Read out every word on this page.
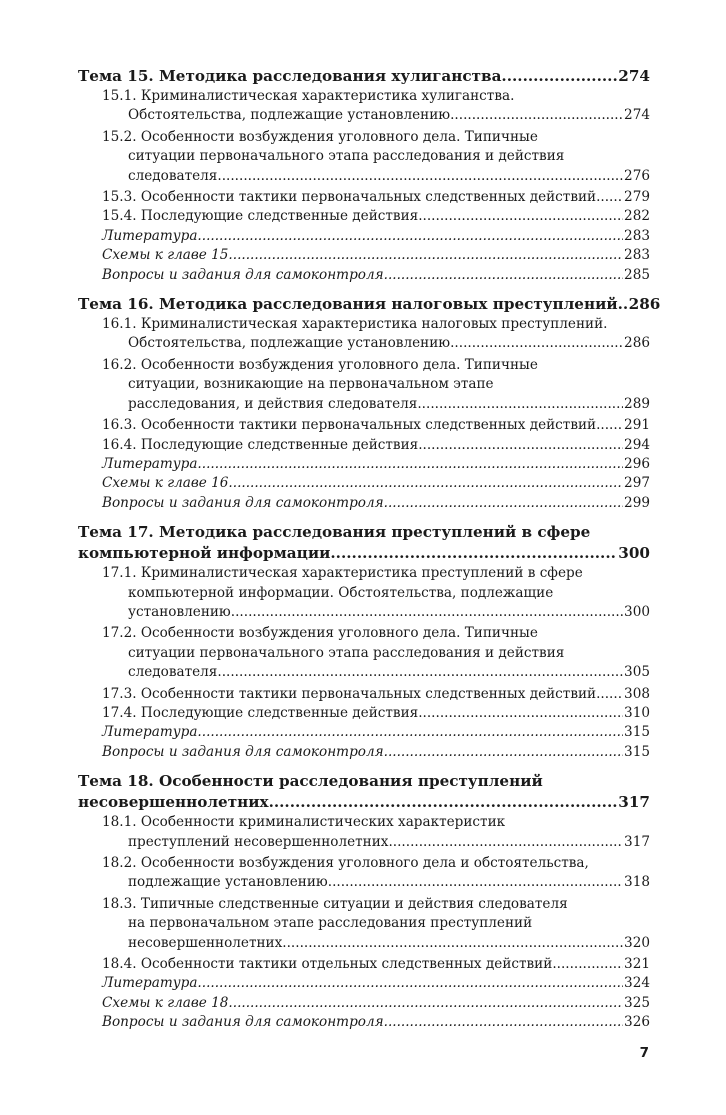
Тема 15. Методика расследования хулиганства .....	274
15.1. Криминалистическая характеристика хулиганства.
Обстоятельства, подлежащие установлению .....	274
15.2. Особенности возбуждения уголовного дела. Типичные
ситуации первоначального этапа расследования и действия
следователя .....	276
15.3. Особенности тактики первоначальных следственных действий ..... 279
15.4. Последующие следственные действия .....	282
Литература .....	283
Схемы к главе 15 .....	283
Вопросы и задания для самоконтроля .....	285
Тема 16. Методика расследования налоговых преступлений ..... 286
16.1. Криминалистическая характеристика налоговых преступлений.
Обстоятельства, подлежащие установлению .....	286
16.2. Особенности возбуждения уголовного дела. Типичные
ситуации, возникающие на первоначальном этапе
расследования, и действия следователя .....	289
16.3. Особенности тактики первоначальных следственных действий ..... 291
16.4. Последующие следственные действия .....	294
Литература .....	296
Схемы к главе 16 .....	297
Вопросы и задания для самоконтроля .....	299
Тема 17. Методика расследования преступлений в сфере
компьютерной информации .....	300
17.1. Криминалистическая характеристика преступлений в сфере
компьютерной информации. Обстоятельства, подлежащие
установлению .....	300
17.2. Особенности возбуждения уголовного дела. Типичные
ситуации первоначального этапа расследования и действия
следователя .....	305
17.3. Особенности тактики первоначальных следственных действий ..... 308
17.4. Последующие следственные действия .....	310
Литература .....	315
Вопросы и задания для самоконтроля .....	315
Тема 18. Особенности расследования преступлений
несовершеннолетних .....	317
18.1. Особенности криминалистических характеристик
преступлений несовершеннолетних .....	317
18.2. Особенности возбуждения уголовного дела и обстоятельства,
подлежащие установлению .....	318
18.3. Типичные следственные ситуации и действия следователя
на первоначальном этапе расследования преступлений
несовершеннолетних .....	320
18.4. Особенности тактики отдельных следственных действий .....	321
Литература .....	324
Схемы к главе 18 .....	325
Вопросы и задания для самоконтроля .....	326
7
